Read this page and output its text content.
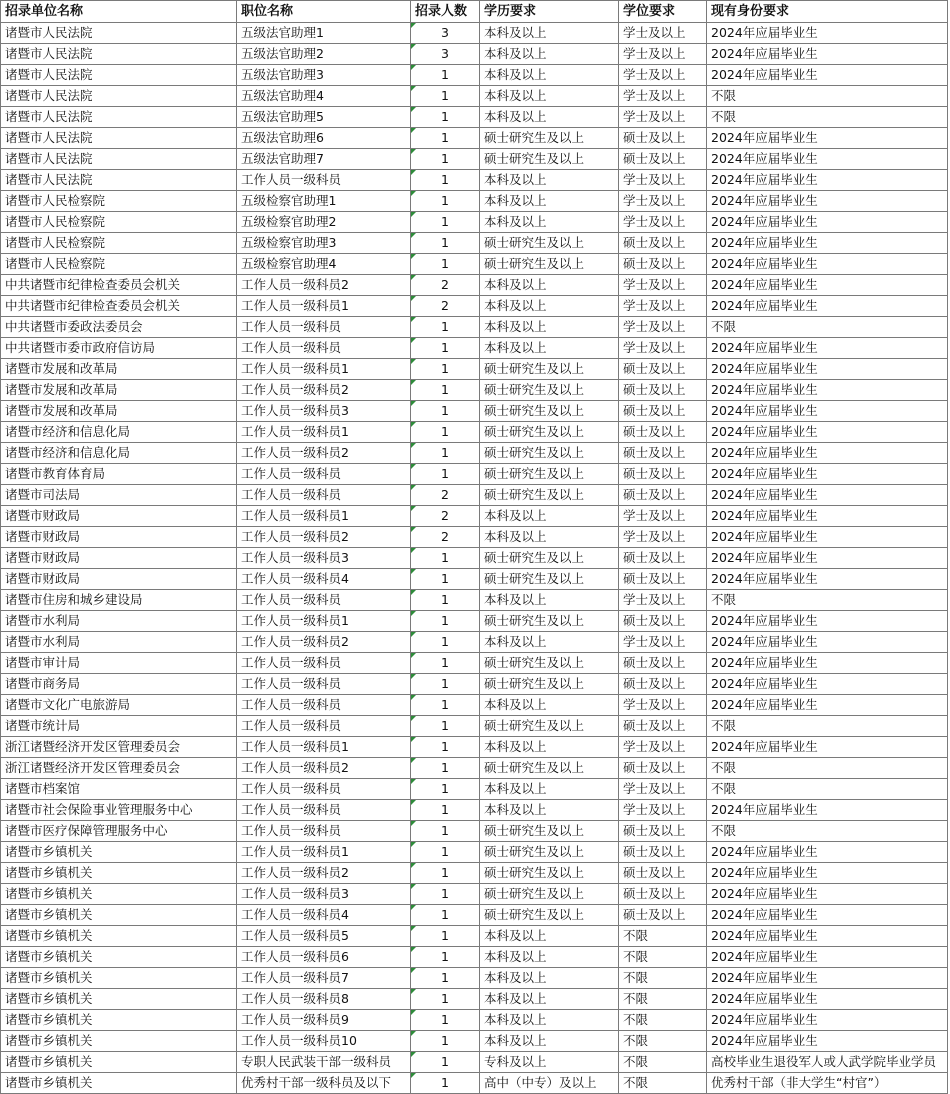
招录单位名称	职位名称	招录人数	学历要求	学位要求	现有身份要求
诸暨市人民法院	五级法官助理1	3	本科及以上	学士及以上	2024年应届毕业生
诸暨市人民法院	五级法官助理2	3	本科及以上	学士及以上	2024年应届毕业生
诸暨市人民法院	五级法官助理3	1	本科及以上	学士及以上	2024年应届毕业生
诸暨市人民法院	五级法官助理4	1	本科及以上	学士及以上	不限
诸暨市人民法院	五级法官助理5	1	本科及以上	学士及以上	不限
诸暨市人民法院	五级法官助理6	1	硕士研究生及以上	硕士及以上	2024年应届毕业生
诸暨市人民法院	五级法官助理7	1	硕士研究生及以上	硕士及以上	2024年应届毕业生
诸暨市人民法院	工作人员一级科员	1	本科及以上	学士及以上	2024年应届毕业生
诸暨市人民检察院	五级检察官助理1	1	本科及以上	学士及以上	2024年应届毕业生
诸暨市人民检察院	五级检察官助理2	1	本科及以上	学士及以上	2024年应届毕业生
诸暨市人民检察院	五级检察官助理3	1	硕士研究生及以上	硕士及以上	2024年应届毕业生
诸暨市人民检察院	五级检察官助理4	1	硕士研究生及以上	硕士及以上	2024年应届毕业生
中共诸暨市纪律检查委员会机关	工作人员一级科员2	2	本科及以上	学士及以上	2024年应届毕业生
中共诸暨市纪律检查委员会机关	工作人员一级科员1	2	本科及以上	学士及以上	2024年应届毕业生
中共诸暨市委政法委员会	工作人员一级科员	1	本科及以上	学士及以上	不限
中共诸暨市委市政府信访局	工作人员一级科员	1	本科及以上	学士及以上	2024年应届毕业生
诸暨市发展和改革局	工作人员一级科员1	1	硕士研究生及以上	硕士及以上	2024年应届毕业生
诸暨市发展和改革局	工作人员一级科员2	1	硕士研究生及以上	硕士及以上	2024年应届毕业生
诸暨市发展和改革局	工作人员一级科员3	1	硕士研究生及以上	硕士及以上	2024年应届毕业生
诸暨市经济和信息化局	工作人员一级科员1	1	硕士研究生及以上	硕士及以上	2024年应届毕业生
诸暨市经济和信息化局	工作人员一级科员2	1	硕士研究生及以上	硕士及以上	2024年应届毕业生
诸暨市教育体育局	工作人员一级科员	1	硕士研究生及以上	硕士及以上	2024年应届毕业生
诸暨市司法局	工作人员一级科员	2	硕士研究生及以上	硕士及以上	2024年应届毕业生
诸暨市财政局	工作人员一级科员1	2	本科及以上	学士及以上	2024年应届毕业生
诸暨市财政局	工作人员一级科员2	2	本科及以上	学士及以上	2024年应届毕业生
诸暨市财政局	工作人员一级科员3	1	硕士研究生及以上	硕士及以上	2024年应届毕业生
诸暨市财政局	工作人员一级科员4	1	硕士研究生及以上	硕士及以上	2024年应届毕业生
诸暨市住房和城乡建设局	工作人员一级科员	1	本科及以上	学士及以上	不限
诸暨市水利局	工作人员一级科员1	1	硕士研究生及以上	硕士及以上	2024年应届毕业生
诸暨市水利局	工作人员一级科员2	1	本科及以上	学士及以上	2024年应届毕业生
诸暨市审计局	工作人员一级科员	1	硕士研究生及以上	硕士及以上	2024年应届毕业生
诸暨市商务局	工作人员一级科员	1	硕士研究生及以上	硕士及以上	2024年应届毕业生
诸暨市文化广电旅游局	工作人员一级科员	1	本科及以上	学士及以上	2024年应届毕业生
诸暨市统计局	工作人员一级科员	1	硕士研究生及以上	硕士及以上	不限
浙江诸暨经济开发区管理委员会	工作人员一级科员1	1	本科及以上	学士及以上	2024年应届毕业生
浙江诸暨经济开发区管理委员会	工作人员一级科员2	1	硕士研究生及以上	硕士及以上	不限
诸暨市档案馆	工作人员一级科员	1	本科及以上	学士及以上	不限
诸暨市社会保险事业管理服务中心	工作人员一级科员	1	本科及以上	学士及以上	2024年应届毕业生
诸暨市医疗保障管理服务中心	工作人员一级科员	1	硕士研究生及以上	硕士及以上	不限
诸暨市乡镇机关	工作人员一级科员1	1	硕士研究生及以上	硕士及以上	2024年应届毕业生
诸暨市乡镇机关	工作人员一级科员2	1	硕士研究生及以上	硕士及以上	2024年应届毕业生
诸暨市乡镇机关	工作人员一级科员3	1	硕士研究生及以上	硕士及以上	2024年应届毕业生
诸暨市乡镇机关	工作人员一级科员4	1	硕士研究生及以上	硕士及以上	2024年应届毕业生
诸暨市乡镇机关	工作人员一级科员5	1	本科及以上	不限	2024年应届毕业生
诸暨市乡镇机关	工作人员一级科员6	1	本科及以上	不限	2024年应届毕业生
诸暨市乡镇机关	工作人员一级科员7	1	本科及以上	不限	2024年应届毕业生
诸暨市乡镇机关	工作人员一级科员8	1	本科及以上	不限	2024年应届毕业生
诸暨市乡镇机关	工作人员一级科员9	1	本科及以上	不限	2024年应届毕业生
诸暨市乡镇机关	工作人员一级科员10	1	本科及以上	不限	2024年应届毕业生
诸暨市乡镇机关	专职人民武装干部一级科员	1	专科及以上	不限	高校毕业生退役军人或人武学院毕业学员
诸暨市乡镇机关	优秀村干部一级科员及以下	1	高中（中专）及以上	不限	优秀村干部（非大学生“村官”）
